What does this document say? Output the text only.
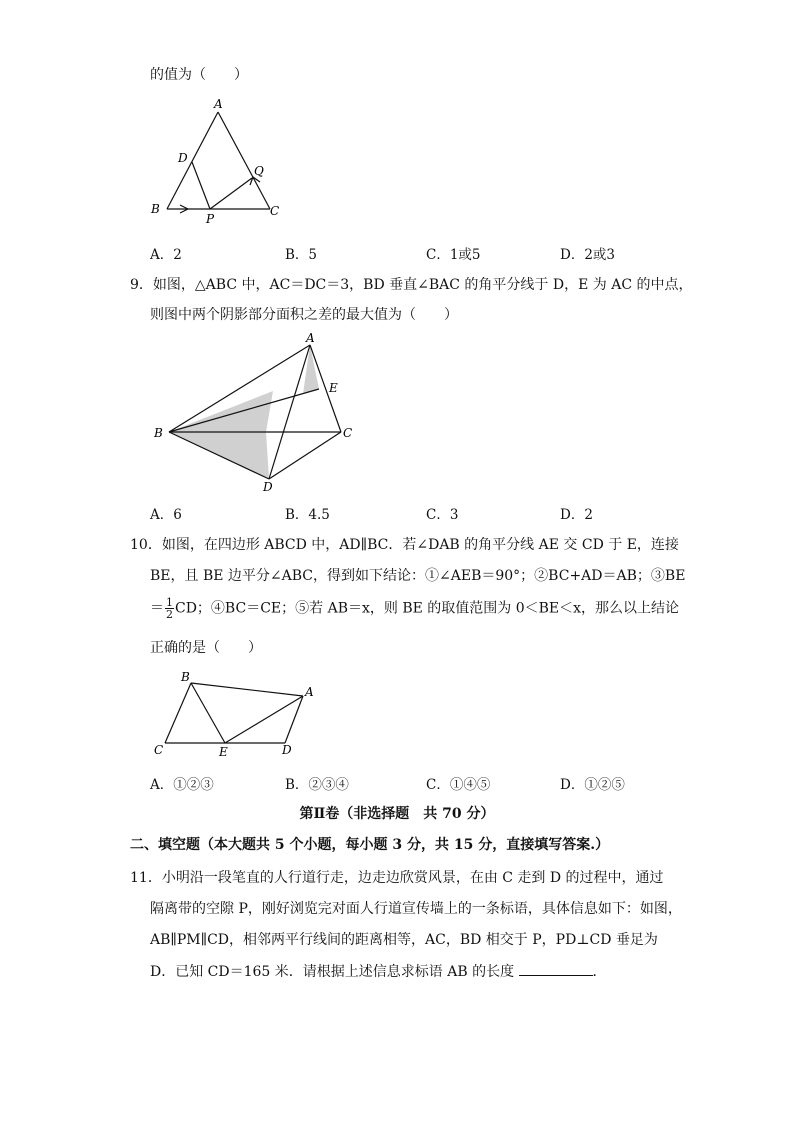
的值为（　　）
A
D
Q
B
P
C
A．2	B．5	C．1或5	D．2或3
9．如图，△ABC 中，AC＝DC＝3，BD 垂直∠BAC 的角平分线于 D，E 为 AC 的中点，
则图中两个阴影部分面积之差的最大值为（　　）
A
E
B	C
D
A．6	B．4.5	C．3	D．2
10．如图，在四边形 ABCD 中，AD∥BC．若∠DAB 的角平分线 AE 交 CD 于 E，连接
BE，且 BE 边平分∠ABC，得到如下结论：①∠AEB＝90°；②BC+AD＝AB；③BE
＝ $\frac{1}{2}$ CD；④BC＝CE；⑤若 AB＝x，则 BE 的取值范围为 0＜BE＜x，那么以上结论
正确的是（　　）
B
A
C	E	D
A．①②③	B．②③④	C．①④⑤	D．①②⑤
第Ⅱ卷（非选择题　共 70 分）
二、填空题（本大题共 5 个小题，每小题 3 分，共 15 分，直接填写答案.）
11．小明沿一段笔直的人行道行走，边走边欣赏风景，在由 C 走到 D 的过程中，通过
隔离带的空隙 P，刚好浏览完对面人行道宣传墙上的一条标语，具体信息如下：如图，
AB∥PM∥CD，相邻两平行线间的距离相等，AC，BD 相交于 P，PD⊥CD 垂足为
D．已知 CD＝165 米．请根据上述信息求标语 AB 的长度	．
